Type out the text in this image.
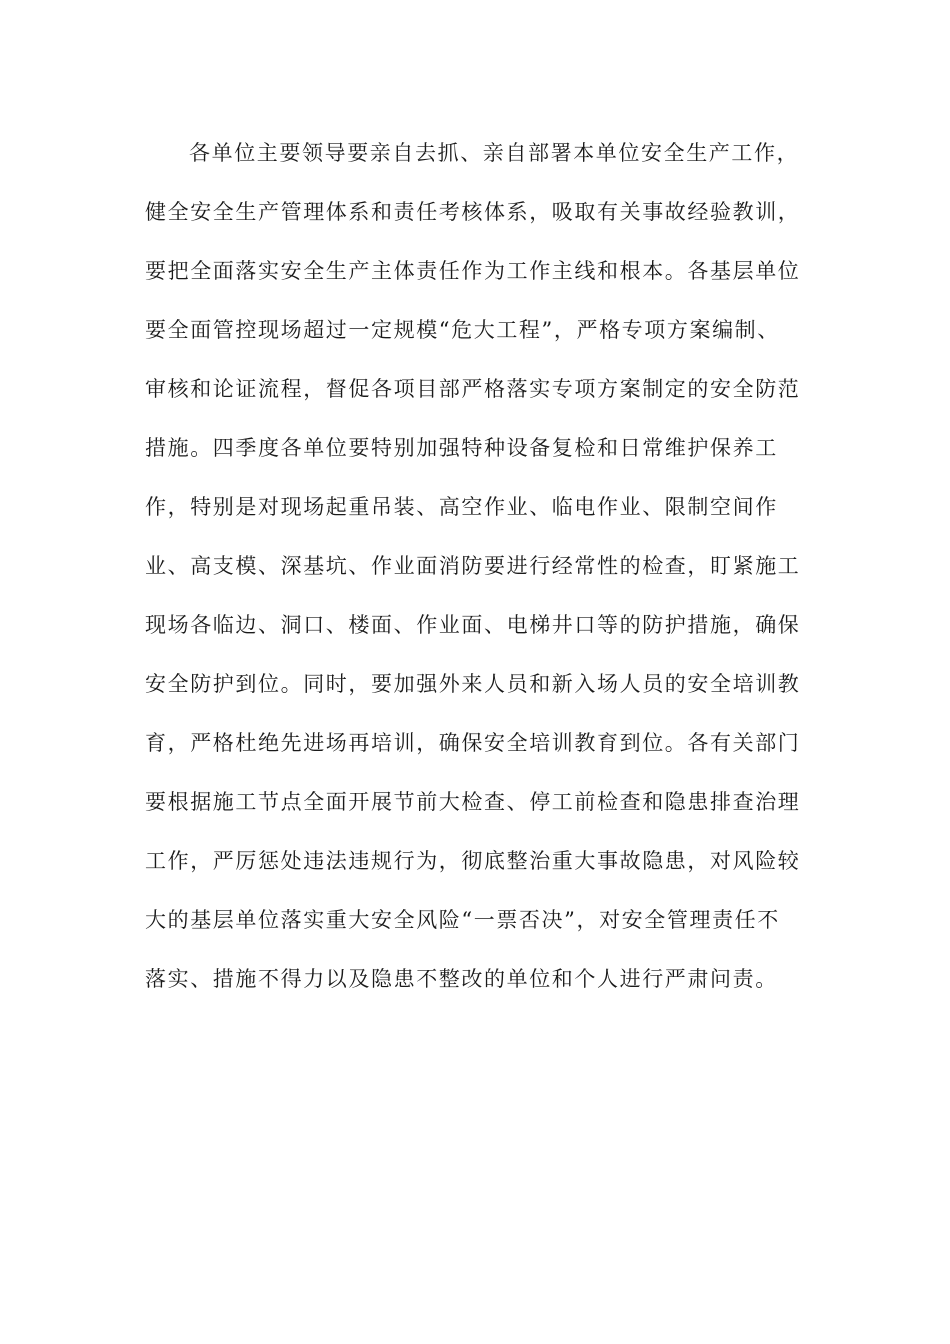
各单位主要领导要亲自去抓、亲自部署本单位安全生产工作，
健全安全生产管理体系和责任考核体系，吸取有关事故经验教训，
要把全面落实安全生产主体责任作为工作主线和根本。各基层单位
要全面管控现场超过一定规模“危大工程”，严格专项方案编制、
审核和论证流程，督促各项目部严格落实专项方案制定的安全防范
措施。四季度各单位要特别加强特种设备复检和日常维护保养工
作，特别是对现场起重吊装、高空作业、临电作业、限制空间作
业、高支模、深基坑、作业面消防要进行经常性的检查，盯紧施工
现场各临边、洞口、楼面、作业面、电梯井口等的防护措施，确保
安全防护到位。同时，要加强外来人员和新入场人员的安全培训教
育，严格杜绝先进场再培训，确保安全培训教育到位。各有关部门
要根据施工节点全面开展节前大检查、停工前检查和隐患排查治理
工作，严厉惩处违法违规行为，彻底整治重大事故隐患，对风险较
大的基层单位落实重大安全风险“一票否决”，对安全管理责任不
落实、措施不得力以及隐患不整改的单位和个人进行严肃问责。
